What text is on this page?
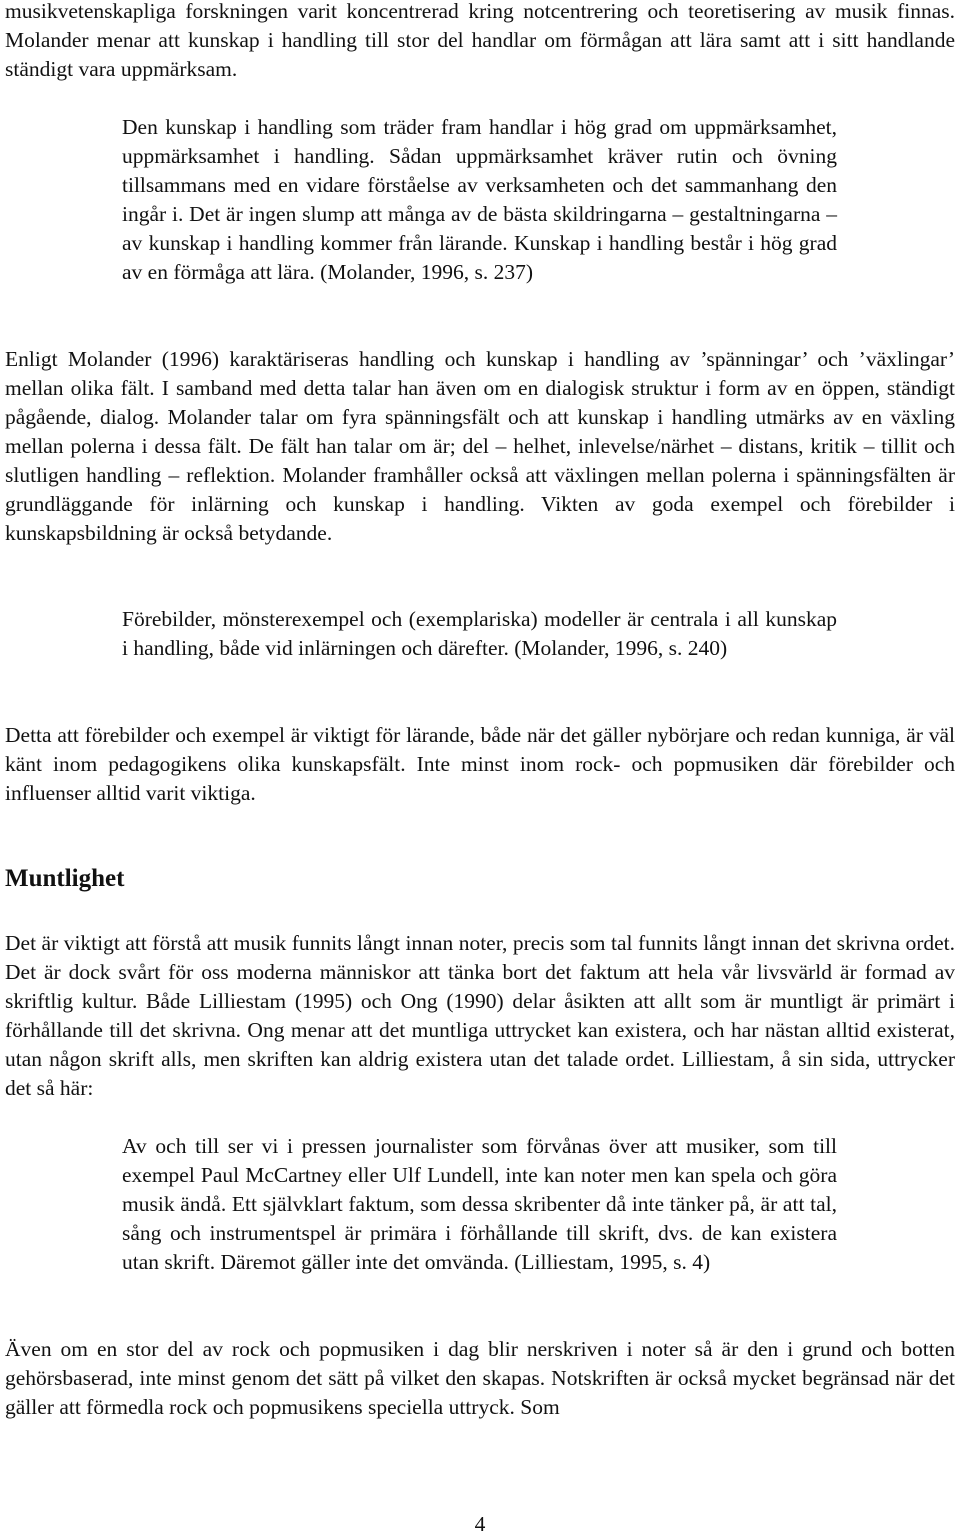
musikvetenskapliga forskningen varit koncentrerad kring notcentrering och teoretisering av musik finnas. Molander menar att kunskap i handling till stor del handlar om förmågan att lära samt att i sitt handlande ständigt vara uppmärksam.

Den kunskap i handling som träder fram handlar i hög grad om uppmärksamhet, uppmärksamhet i handling. Sådan uppmärksamhet kräver rutin och övning tillsammans med en vidare förståelse av verksamheten och det sammanhang den ingår i. Det är ingen slump att många av de bästa skildringarna – gestaltningarna – av kunskap i handling kommer från lärande. Kunskap i handling består i hög grad av en förmåga att lära. (Molander, 1996, s. 237)

Enligt Molander (1996) karaktäriseras handling och kunskap i handling av ’spänningar’ och ’växlingar’ mellan olika fält. I samband med detta talar han även om en dialogisk struktur i form av en öppen, ständigt pågående, dialog. Molander talar om fyra spänningsfält och att kunskap i handling utmärks av en växling mellan polerna i dessa fält. De fält han talar om är; del – helhet, inlevelse/närhet – distans, kritik – tillit och slutligen handling – reflektion. Molander framhåller också att växlingen mellan polerna i spänningsfälten är grundläggande för inlärning och kunskap i handling. Vikten av goda exempel och förebilder i kunskapsbildning är också betydande.

Förebilder, mönsterexempel och (exemplariska) modeller är centrala i all kunskap i handling, både vid inlärningen och därefter. (Molander, 1996, s. 240)

Detta att förebilder och exempel är viktigt för lärande, både när det gäller nybörjare och redan kunniga, är väl känt inom pedagogikens olika kunskapsfält. Inte minst inom rock- och popmusiken där förebilder och influenser alltid varit viktiga.

Muntlighet

Det är viktigt att förstå att musik funnits långt innan noter, precis som tal funnits långt innan det skrivna ordet. Det är dock svårt för oss moderna människor att tänka bort det faktum att hela vår livsvärld är formad av skriftlig kultur. Både Lilliestam (1995) och Ong (1990) delar åsikten att allt som är muntligt är primärt i förhållande till det skrivna. Ong menar att det muntliga uttrycket kan existera, och har nästan alltid existerat, utan någon skrift alls, men skriften kan aldrig existera utan det talade ordet. Lilliestam, å sin sida, uttrycker det så här:

Av och till ser vi i pressen journalister som förvånas över att musiker, som till exempel Paul McCartney eller Ulf Lundell, inte kan noter men kan spela och göra musik ändå. Ett självklart faktum, som dessa skribenter då inte tänker på, är att tal, sång och instrumentspel är primära i förhållande till skrift, dvs. de kan existera utan skrift. Däremot gäller inte det omvända. (Lilliestam, 1995, s. 4)

Även om en stor del av rock och popmusiken i dag blir nerskriven i noter så är den i grund och botten gehörsbaserad, inte minst genom det sätt på vilket den skapas. Notskriften är också mycket begränsad när det gäller att förmedla rock och popmusikens speciella uttryck. Som

4
